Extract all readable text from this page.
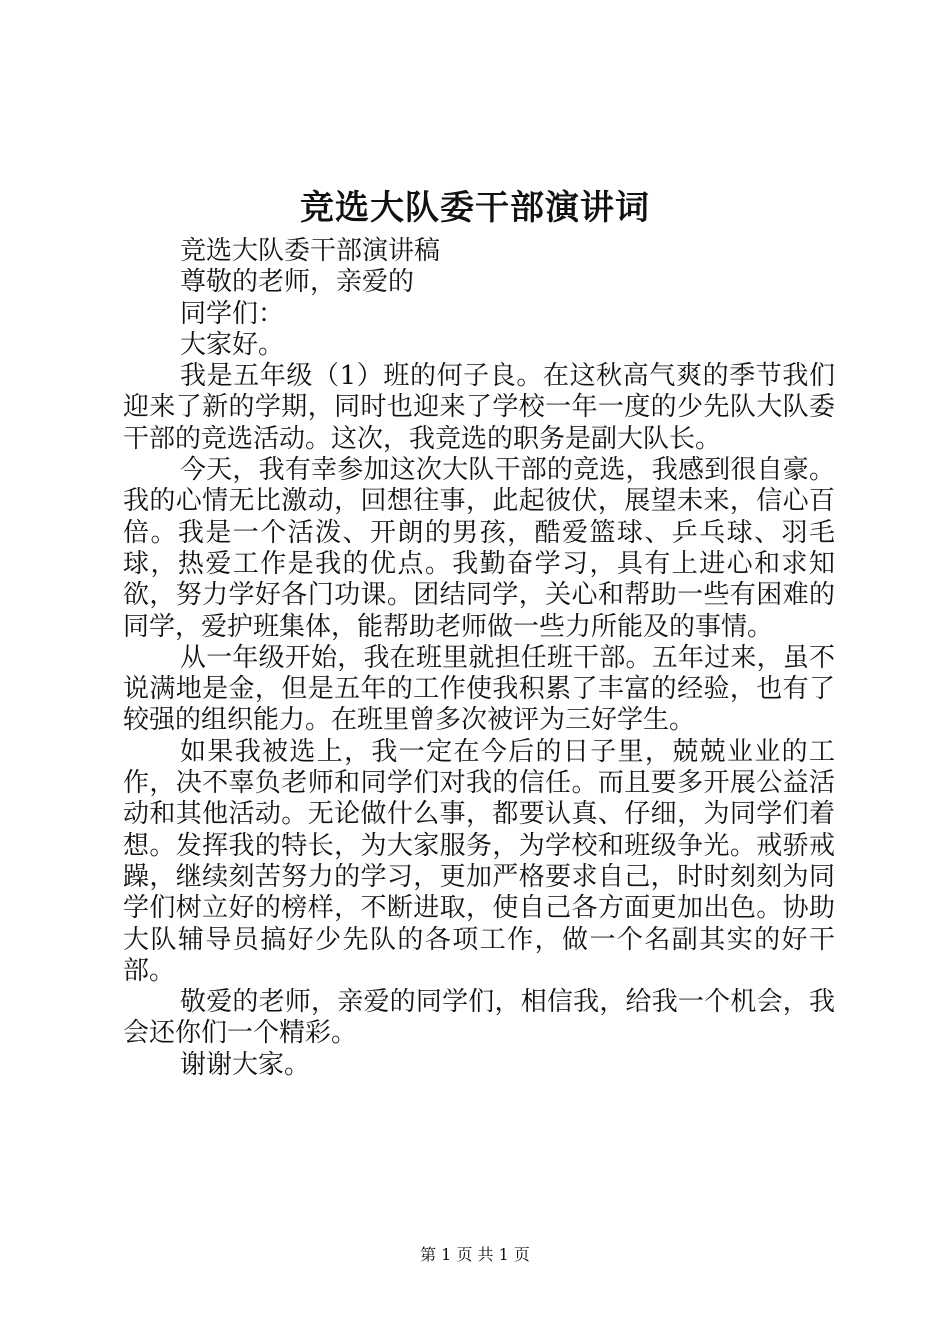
竞选大队委干部演讲词

竞选大队委干部演讲稿

尊敬的老师，亲爱的

同学们：

大家好。

我是五年级（1）班的何子良。在这秋高气爽的季节我们迎来了新的学期，同时也迎来了学校一年一度的少先队大队委干部的竞选活动。这次，我竞选的职务是副大队长。

今天，我有幸参加这次大队干部的竞选，我感到很自豪。我的心情无比激动，回想往事，此起彼伏，展望未来，信心百倍。我是一个活泼、开朗的男孩，酷爱篮球、乒乓球、羽毛球，热爱工作是我的优点。我勤奋学习，具有上进心和求知欲，努力学好各门功课。团结同学，关心和帮助一些有困难的同学，爱护班集体，能帮助老师做一些力所能及的事情。

从一年级开始，我在班里就担任班干部。五年过来，虽不说满地是金，但是五年的工作使我积累了丰富的经验，也有了较强的组织能力。在班里曾多次被评为三好学生。

如果我被选上，我一定在今后的日子里，兢兢业业的工作，决不辜负老师和同学们对我的信任。而且要多开展公益活动和其他活动。无论做什么事，都要认真、仔细，为同学们着想。发挥我的特长，为大家服务，为学校和班级争光。戒骄戒躁，继续刻苦努力的学习，更加严格要求自己，时时刻刻为同学们树立好的榜样，不断进取，使自己各方面更加出色。协助大队辅导员搞好少先队的各项工作，做一个名副其实的好干部。

敬爱的老师，亲爱的同学们，相信我，给我一个机会，我会还你们一个精彩。

谢谢大家。

第 1 页 共 1 页
